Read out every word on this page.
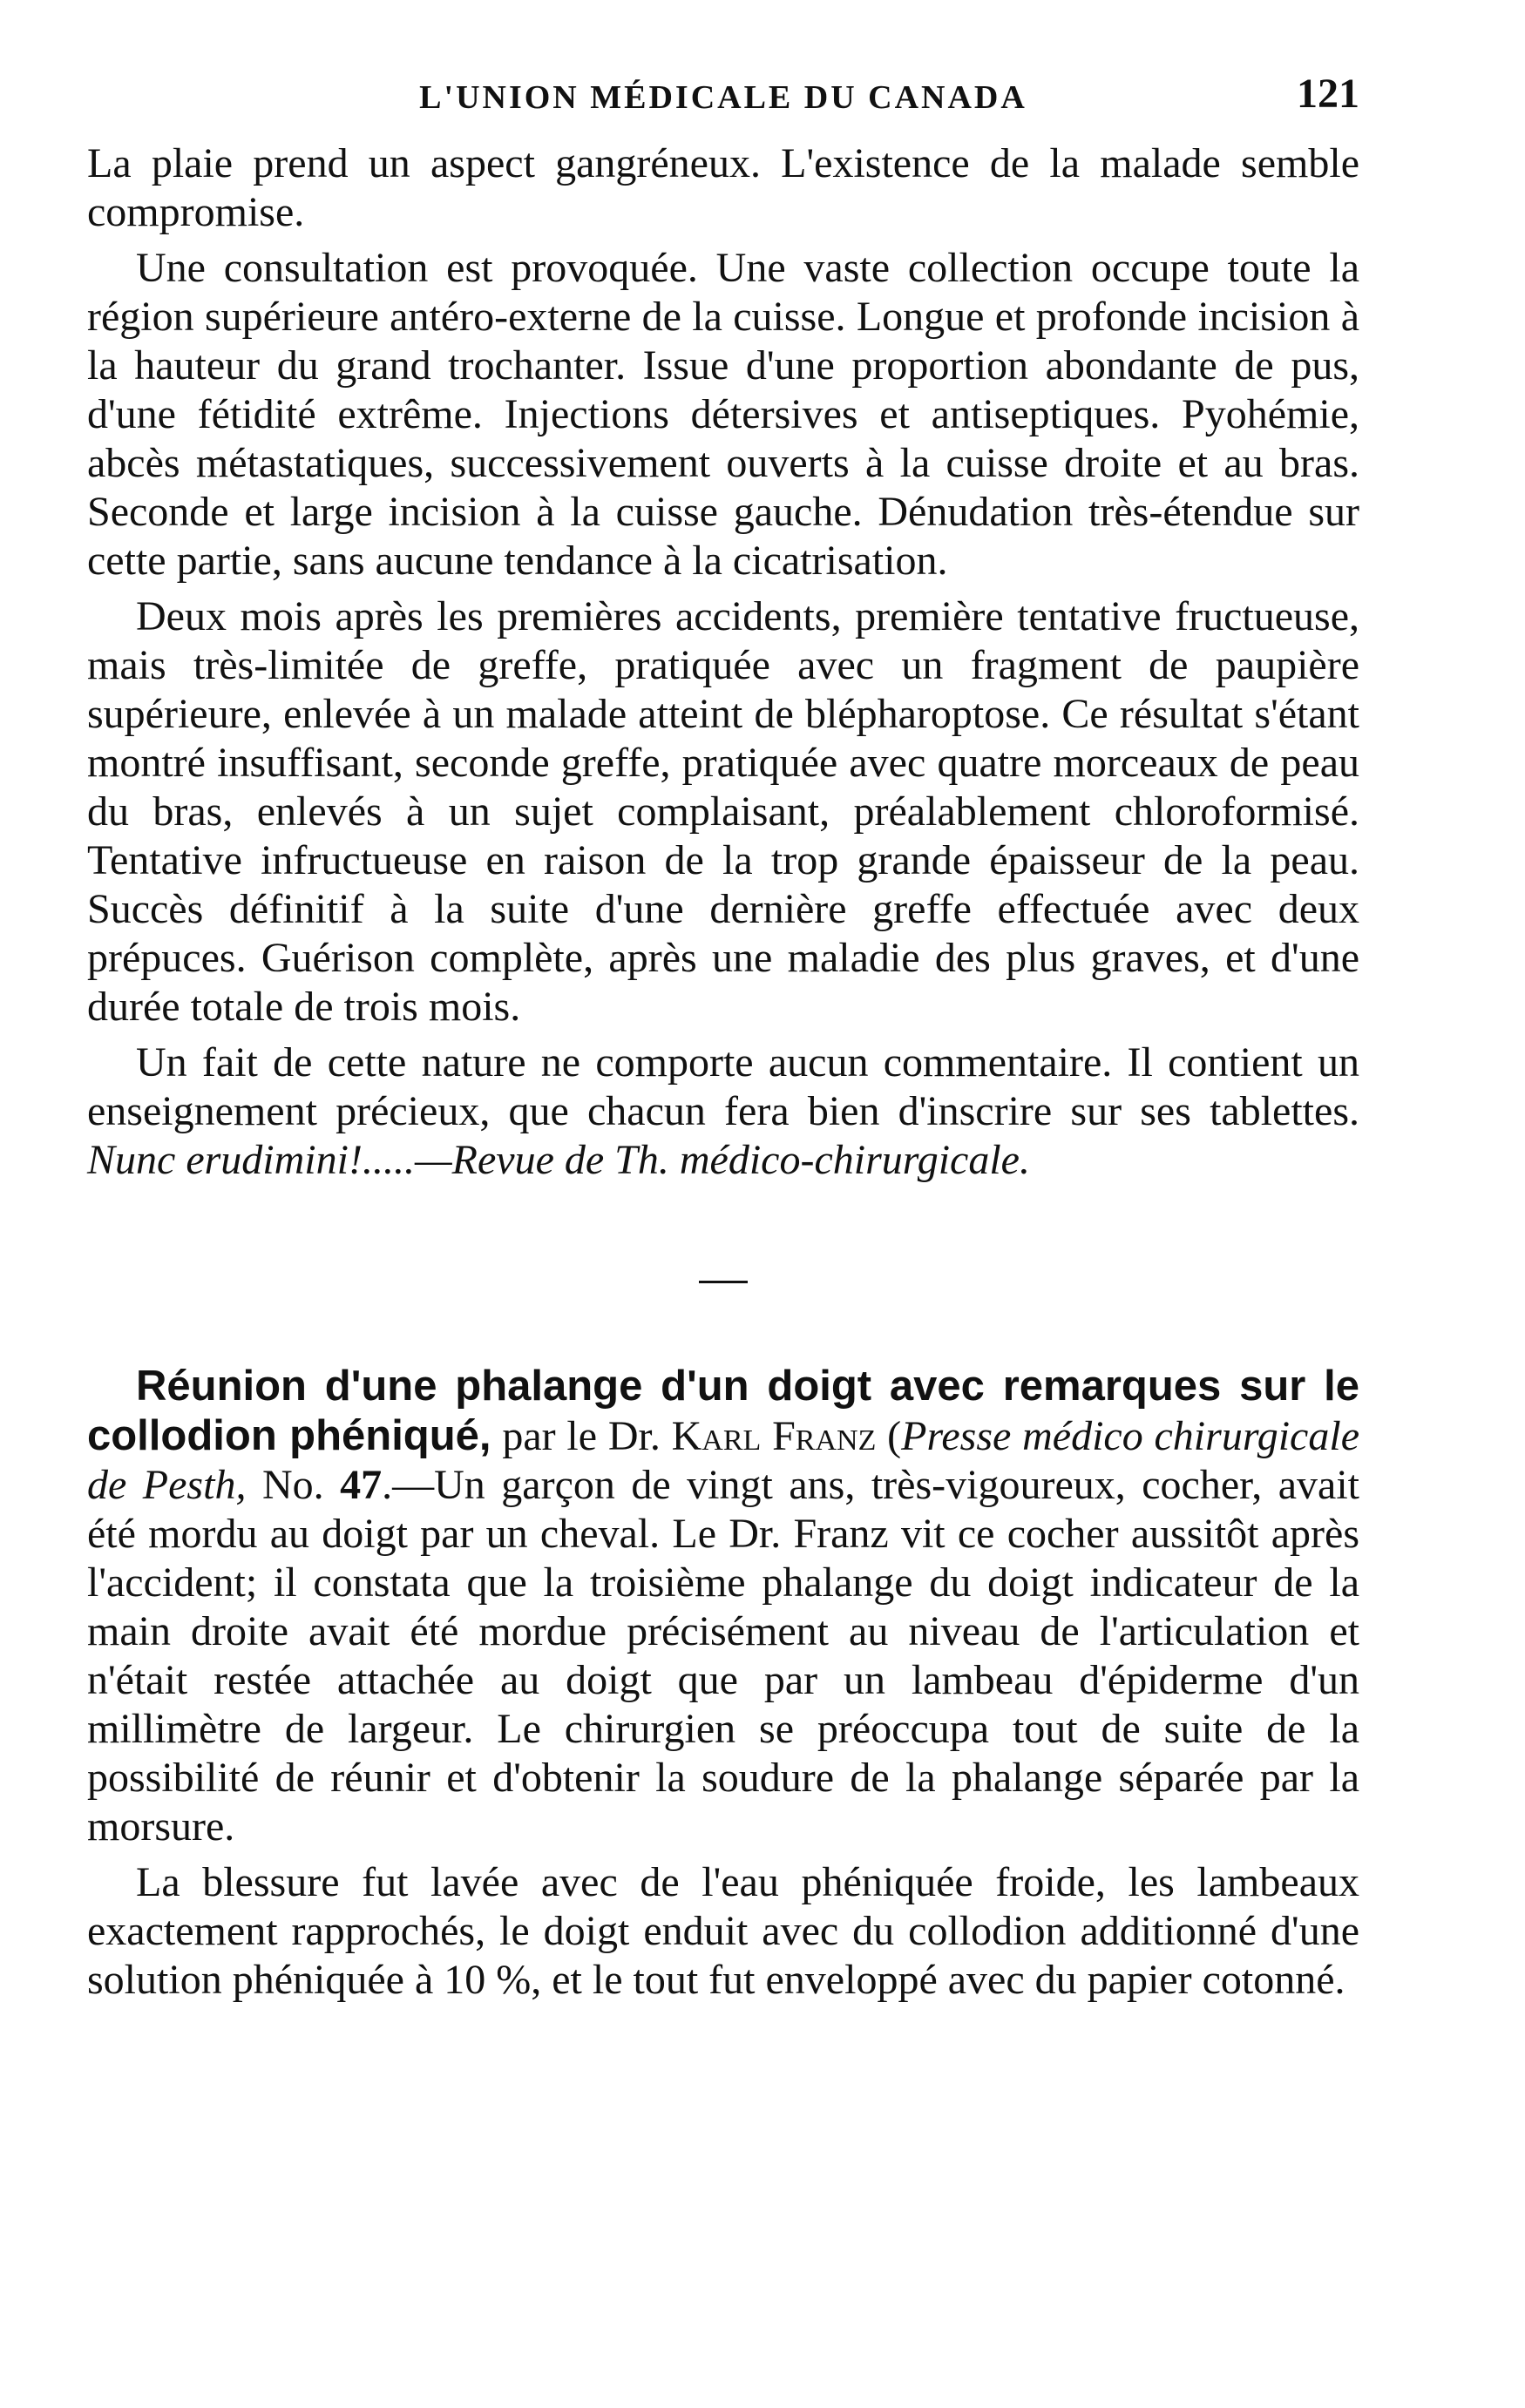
L'UNION MÉDICALE DU CANADA	121

La plaie prend un aspect gangréneux. L'existence de la malade semble compromise.

Une consultation est provoquée. Une vaste collection occupe toute la région supérieure antéro-externe de la cuisse. Longue et profonde incision à la hauteur du grand trochanter. Issue d'une proportion abondante de pus, d'une fétidité extrême. Injections détersives et antiseptiques. Pyohémie, abcès métastatiques, successivement ouverts à la cuisse droite et au bras. Seconde et large incision à la cuisse gauche. Dénudation très-étendue sur cette partie, sans aucune tendance à la cicatrisation.

Deux mois après les premières accidents, première tentative fructueuse, mais très-limitée de greffe, pratiquée avec un fragment de paupière supérieure, enlevée à un malade atteint de blépharoptose. Ce résultat s'étant montré insuffisant, seconde greffe, pratiquée avec quatre morceaux de peau du bras, enlevés à un sujet complaisant, préalablement chloroformisé. Tentative infructueuse en raison de la trop grande épaisseur de la peau. Succès définitif à la suite d'une dernière greffe effectuée avec deux prépuces. Guérison complète, après une maladie des plus graves, et d'une durée totale de trois mois.

Un fait de cette nature ne comporte aucun commentaire. Il contient un enseignement précieux, que chacun fera bien d'inscrire sur ses tablettes. Nunc erudimini!.....—Revue de Th. médico-chirurgicale.

Réunion d'une phalange d'un doigt avec remarques sur le collodion phéniqué, par le Dr. Karl Franz (Presse médico chirurgicale de Pesth, No. 47.—Un garçon de vingt ans, très-vigoureux, cocher, avait été mordu au doigt par un cheval. Le Dr. Franz vit ce cocher aussitôt après l'accident; il constata que la troisième phalange du doigt indicateur de la main droite avait été mordue précisément au niveau de l'articulation et n'était restée attachée au doigt que par un lambeau d'épiderme d'un millimètre de largeur. Le chirurgien se préoccupa tout de suite de la possibilité de réunir et d'obtenir la soudure de la phalange séparée par la morsure.

La blessure fut lavée avec de l'eau phéniquée froide, les lambeaux exactement rapprochés, le doigt enduit avec du collodion additionné d'une solution phéniquée à 10 %, et le tout fut enveloppé avec du papier cotonné.
